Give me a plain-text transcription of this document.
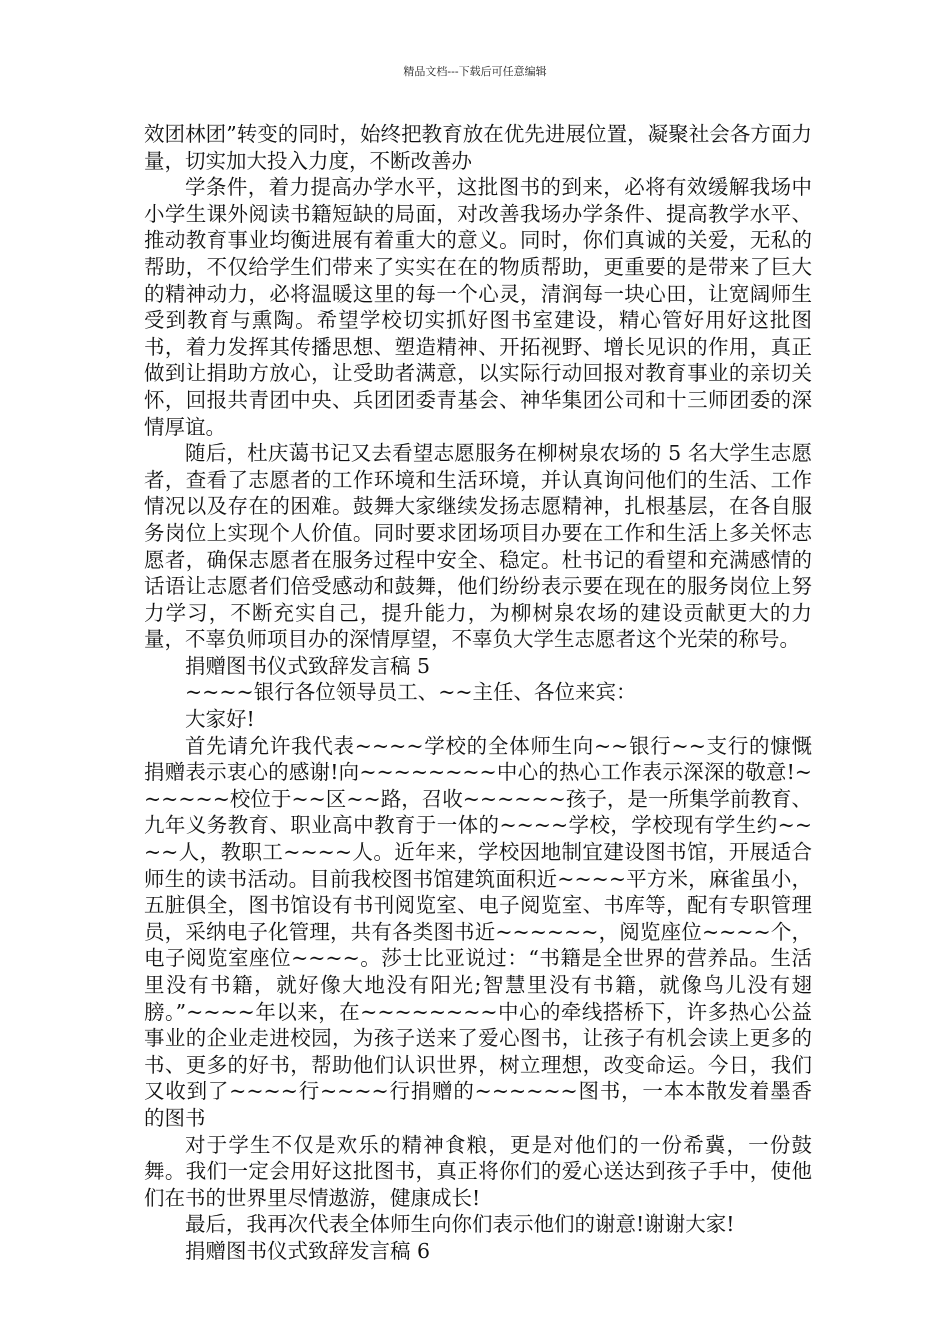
精品文档---下载后可任意编辑

效团林团”转变的同时，始终把教育放在优先进展位置，凝聚社会各方面力量，切实加大投入力度，不断改善办

学条件，着力提高办学水平，这批图书的到来，必将有效缓解我场中小学生课外阅读书籍短缺的局面，对改善我场办学条件、提高教学水平、推动教育事业均衡进展有着重大的意义。同时，你们真诚的关爱，无私的帮助，不仅给学生们带来了实实在在的物质帮助，更重要的是带来了巨大的精神动力，必将温暖这里的每一个心灵，清润每一块心田，让宽阔师生受到教育与熏陶。希望学校切实抓好图书室建设，精心管好用好这批图书，着力发挥其传播思想、塑造精神、开拓视野、增长见识的作用，真正做到让捐助方放心，让受助者满意，以实际行动回报对教育事业的亲切关怀，回报共青团中央、兵团团委青基会、神华集团公司和十三师团委的深情厚谊。

随后，杜庆蔼书记又去看望志愿服务在柳树泉农场的 5 名大学生志愿者，查看了志愿者的工作环境和生活环境，并认真询问他们的生活、工作情况以及存在的困难。鼓舞大家继续发扬志愿精神，扎根基层，在各自服务岗位上实现个人价值。同时要求团场项目办要在工作和生活上多关怀志愿者，确保志愿者在服务过程中安全、稳定。杜书记的看望和充满感情的话语让志愿者们倍受感动和鼓舞，他们纷纷表示要在现在的服务岗位上努力学习，不断充实自己，提升能力，为柳树泉农场的建设贡献更大的力量，不辜负师项目办的深情厚望，不辜负大学生志愿者这个光荣的称号。

捐赠图书仪式致辞发言稿 5

~~~~银行各位领导员工、~~主任、各位来宾：

大家好!

首先请允许我代表~~~~学校的全体师生向~~银行~~支行的慷慨捐赠表示衷心的感谢!向~~~~~~~~中心的热心工作表示深深的敬意!~~~~~~校位于~~区~~路，召收~~~~~~孩子，是一所集学前教育、九年义务教育、职业高中教育于一体的~~~~学校，学校现有学生约~~~~人，教职工~~~~人。近年来，学校因地制宜建设图书馆，开展适合师生的读书活动。目前我校图书馆建筑面积近~~~~平方米，麻雀虽小，五脏俱全，图书馆设有书刊阅览室、电子阅览室、书库等，配有专职管理员，采纳电子化管理，共有各类图书近~~~~~~，阅览座位~~~~个，电子阅览室座位~~~~。莎士比亚说过：“书籍是全世界的营养品。生活里没有书籍，就好像大地没有阳光;智慧里没有书籍，就像鸟儿没有翅膀。”~~~~年以来，在~~~~~~~~中心的牵线搭桥下，许多热心公益事业的企业走进校园，为孩子送来了爱心图书，让孩子有机会读上更多的书、更多的好书，帮助他们认识世界，树立理想，改变命运。今日，我们又收到了~~~~行~~~~行捐赠的~~~~~~图书，一本本散发着墨香的图书

对于学生不仅是欢乐的精神食粮，更是对他们的一份希冀，一份鼓舞。我们一定会用好这批图书，真正将你们的爱心送达到孩子手中，使他们在书的世界里尽情遨游，健康成长!

最后，我再次代表全体师生向你们表示他们的谢意!谢谢大家!

捐赠图书仪式致辞发言稿 6
